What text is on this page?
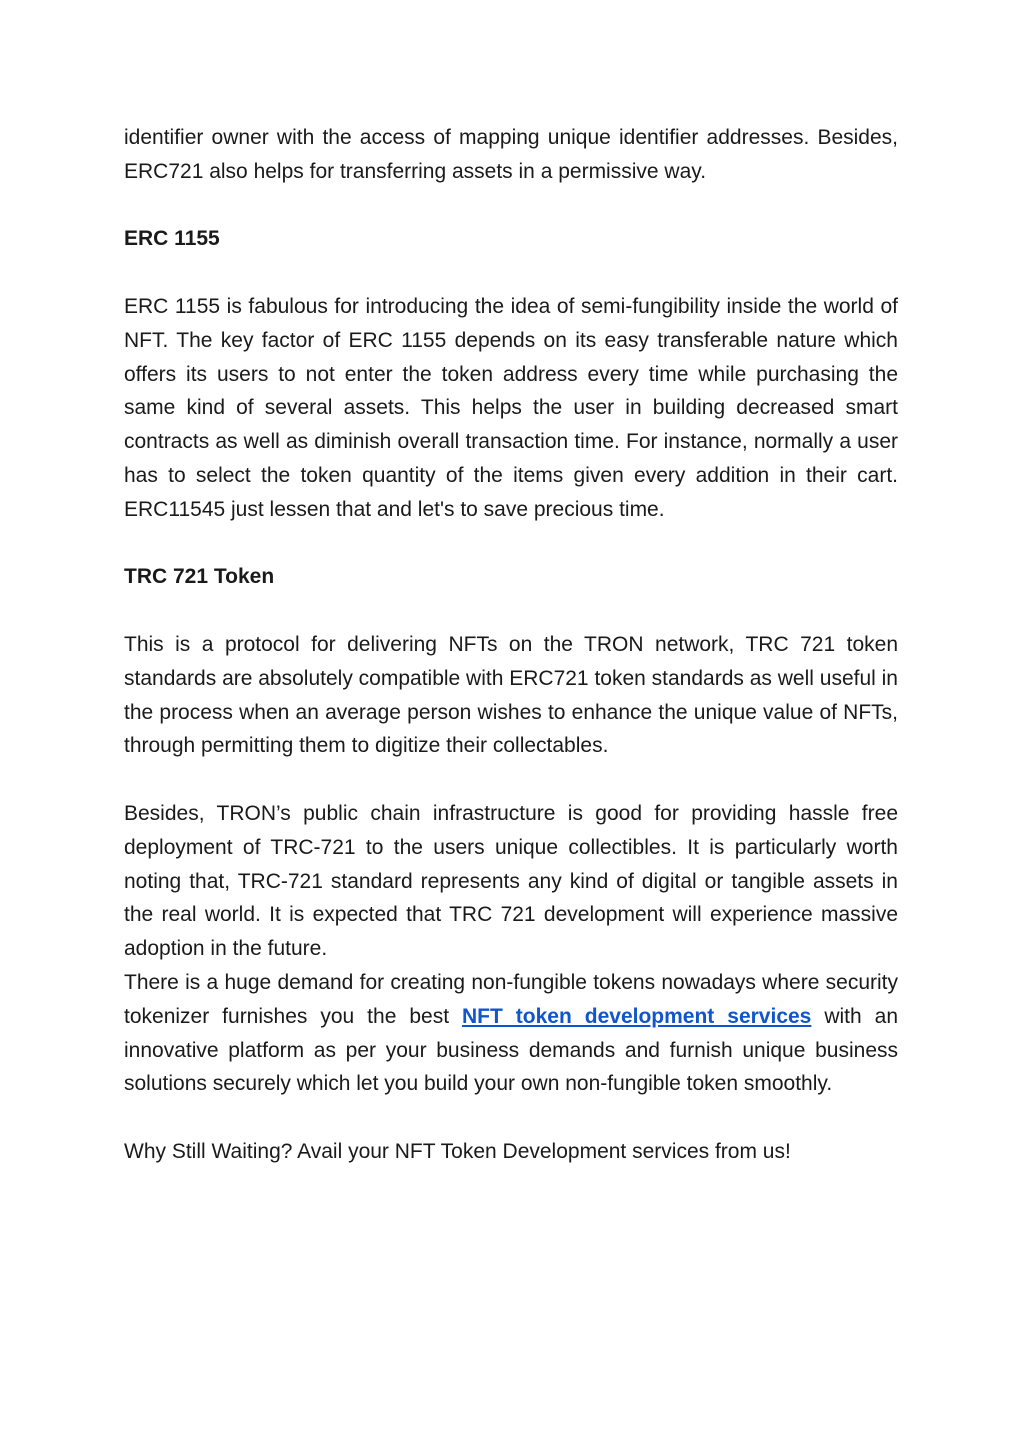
identifier owner with the access of mapping unique identifier addresses. Besides, ERC721 also helps for transferring assets in a permissive way.

ERC 1155

ERC 1155 is fabulous for introducing the idea of semi-fungibility inside the world of NFT. The key factor of ERC 1155 depends on its easy transferable nature which offers its users to not enter the token address every time while purchasing the same kind of several assets. This helps the user in building decreased smart contracts as well as diminish overall transaction time. For instance, normally a user has to select the token quantity of the items given every addition in their cart. ERC11545 just lessen that and let's to save precious time.

TRC 721 Token

This is a protocol for delivering NFTs on the TRON network, TRC 721 token standards are absolutely compatible with ERC721 token standards as well useful in the process when an average person wishes to enhance the unique value of NFTs, through permitting them to digitize their collectables.

Besides, TRON’s public chain infrastructure is good for providing hassle free deployment of TRC-721 to the users unique collectibles. It is particularly worth noting that, TRC-721 standard represents any kind of digital or tangible assets in the real world. It is expected that TRC 721 development will experience massive adoption in the future.

There is a huge demand for creating non-fungible tokens nowadays where security tokenizer furnishes you the best NFT token development services with an innovative platform as per your business demands and furnish unique business solutions securely which let you build your own non-fungible token smoothly.

Why Still Waiting? Avail your NFT Token Development services from us!
